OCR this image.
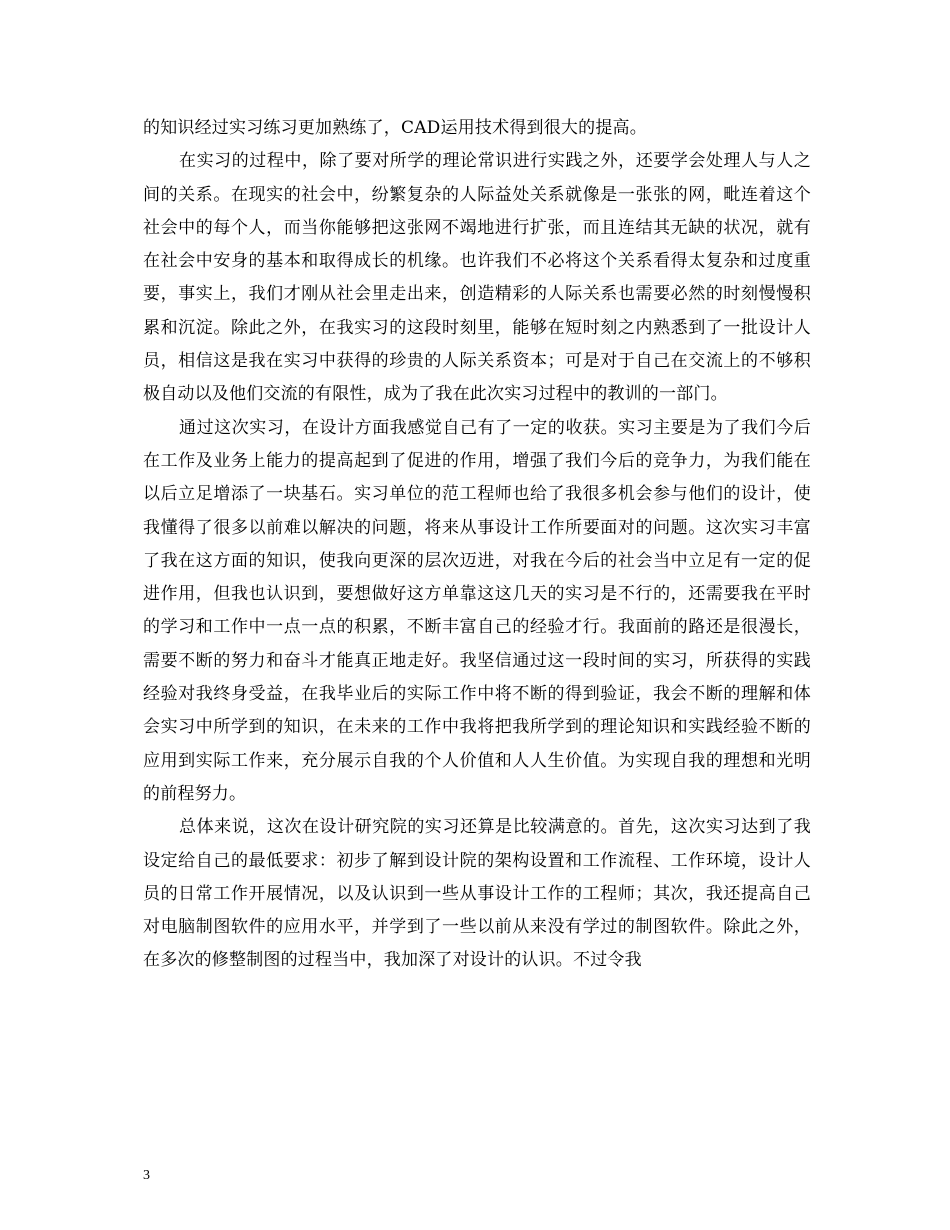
的知识经过实习练习更加熟练了，CAD运用技术得到很大的提高。

在实习的过程中，除了要对所学的理论常识进行实践之外，还要学会处理人与人之间的关系。在现实的社会中，纷繁复杂的人际益处关系就像是一张张的网，毗连着这个社会中的每个人，而当你能够把这张网不竭地进行扩张，而且连结其无缺的状况，就有在社会中安身的基本和取得成长的机缘。也许我们不必将这个关系看得太复杂和过度重要，事实上，我们才刚从社会里走出来，创造精彩的人际关系也需要必然的时刻慢慢积累和沉淀。除此之外，在我实习的这段时刻里，能够在短时刻之内熟悉到了一批设计人员，相信这是我在实习中获得的珍贵的人际关系资本；可是对于自己在交流上的不够积极自动以及他们交流的有限性，成为了我在此次实习过程中的教训的一部门。

通过这次实习，在设计方面我感觉自己有了一定的收获。实习主要是为了我们今后在工作及业务上能力的提高起到了促进的作用，增强了我们今后的竞争力，为我们能在以后立足增添了一块基石。实习单位的范工程师也给了我很多机会参与他们的设计，使我懂得了很多以前难以解决的问题，将来从事设计工作所要面对的问题。这次实习丰富了我在这方面的知识，使我向更深的层次迈进，对我在今后的社会当中立足有一定的促进作用，但我也认识到，要想做好这方单靠这这几天的实习是不行的，还需要我在平时的学习和工作中一点一点的积累，不断丰富自己的经验才行。我面前的路还是很漫长，需要不断的努力和奋斗才能真正地走好。我坚信通过这一段时间的实习，所获得的实践经验对我终身受益，在我毕业后的实际工作中将不断的得到验证，我会不断的理解和体会实习中所学到的知识，在未来的工作中我将把我所学到的理论知识和实践经验不断的应用到实际工作来，充分展示自我的个人价值和人人生价值。为实现自我的理想和光明的前程努力。

总体来说，这次在设计研究院的实习还算是比较满意的。首先，这次实习达到了我设定给自己的最低要求：初步了解到设计院的架构设置和工作流程、工作环境，设计人员的日常工作开展情况，以及认识到一些从事设计工作的工程师；其次，我还提高自己对电脑制图软件的应用水平，并学到了一些以前从来没有学过的制图软件。除此之外，在多次的修整制图的过程当中，我加深了对设计的认识。不过令我

3
